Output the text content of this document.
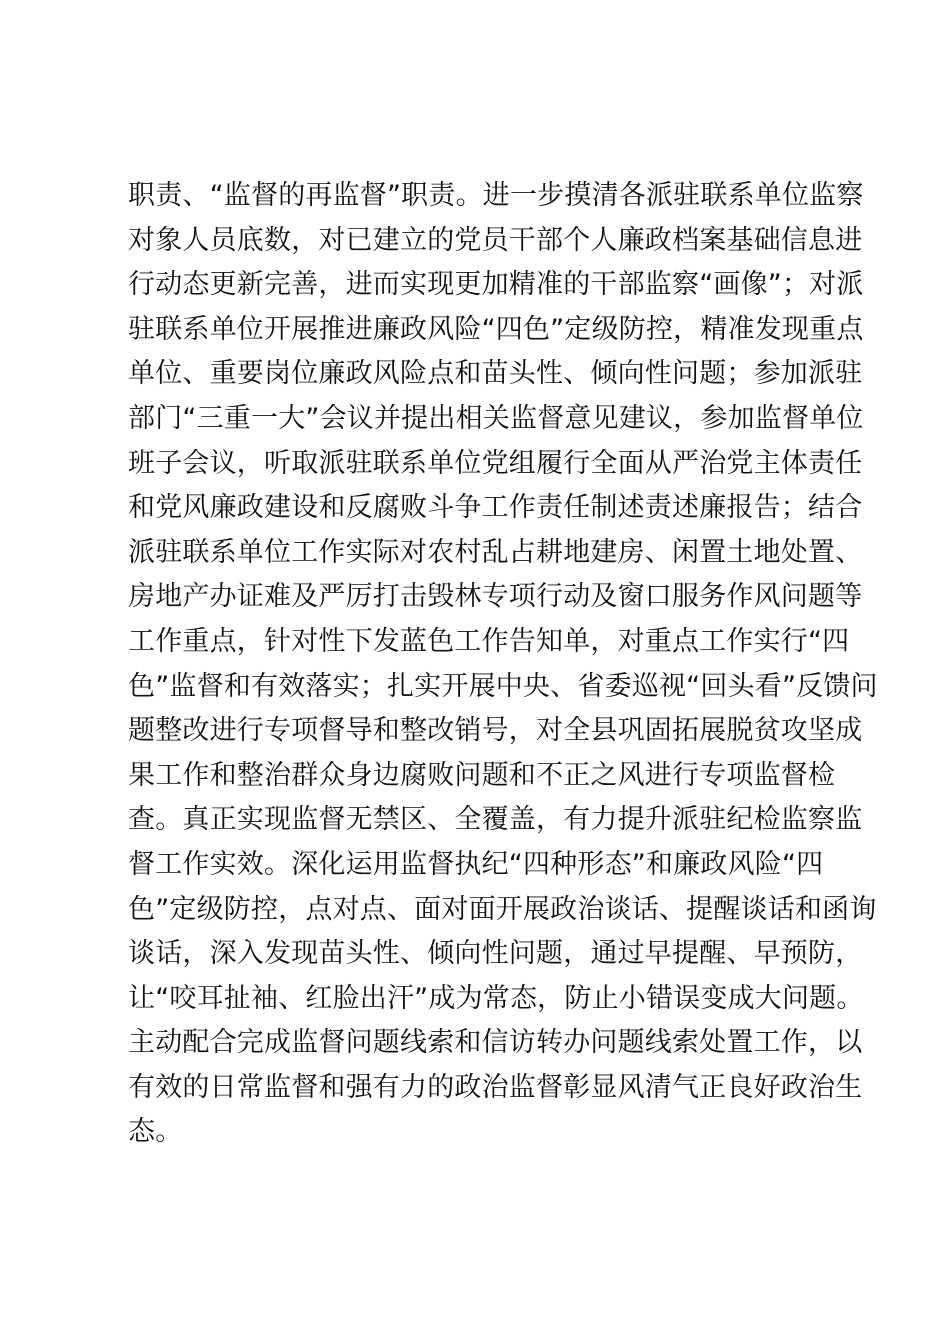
职责、“监督的再监督”职责。进一步摸清各派驻联系单位监察
对象人员底数，对已建立的党员干部个人廉政档案基础信息进
行动态更新完善，进而实现更加精准的干部监察“画像”；对派
驻联系单位开展推进廉政风险“四色”定级防控，精准发现重点
单位、重要岗位廉政风险点和苗头性、倾向性问题；参加派驻
部门“三重一大”会议并提出相关监督意见建议，参加监督单位
班子会议，听取派驻联系单位党组履行全面从严治党主体责任
和党风廉政建设和反腐败斗争工作责任制述责述廉报告；结合
派驻联系单位工作实际对农村乱占耕地建房、闲置土地处置、
房地产办证难及严厉打击毁林专项行动及窗口服务作风问题等
工作重点，针对性下发蓝色工作告知单，对重点工作实行“四
色”监督和有效落实；扎实开展中央、省委巡视“回头看”反馈问
题整改进行专项督导和整改销号，对全县巩固拓展脱贫攻坚成
果工作和整治群众身边腐败问题和不正之风进行专项监督检
查。真正实现监督无禁区、全覆盖，有力提升派驻纪检监察监
督工作实效。深化运用监督执纪“四种形态”和廉政风险“四
色”定级防控，点对点、面对面开展政治谈话、提醒谈话和函询
谈话，深入发现苗头性、倾向性问题，通过早提醒、早预防，
让“咬耳扯袖、红脸出汗”成为常态，防止小错误变成大问题。
主动配合完成监督问题线索和信访转办问题线索处置工作，以
有效的日常监督和强有力的政治监督彰显风清气正良好政治生
态。
